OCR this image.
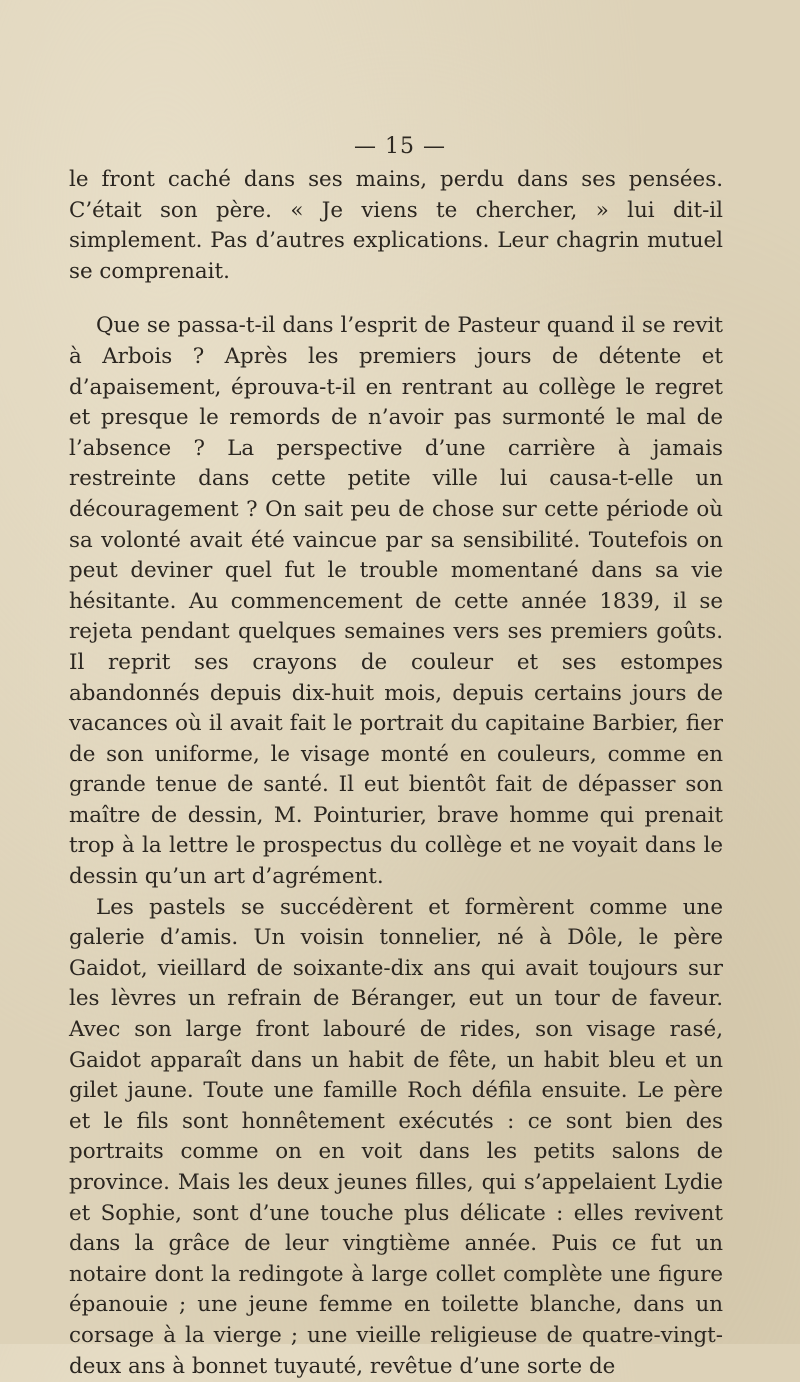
— 15 —

le front caché dans ses mains, perdu dans ses pensées. C’était son père. « Je viens te chercher, » lui dit-il simplement. Pas d’autres explications. Leur chagrin mutuel se comprenait.

Que se passa-t-il dans l’esprit de Pasteur quand il se revit à Arbois ? Après les premiers jours de détente et d’apaisement, éprouva-t-il en rentrant au collège le regret et presque le remords de n’avoir pas surmonté le mal de l’absence ? La perspective d’une carrière à jamais restreinte dans cette petite ville lui causa-t-elle un découragement ? On sait peu de chose sur cette période où sa volonté avait été vaincue par sa sensibilité. Toutefois on peut deviner quel fut le trouble momentané dans sa vie hésitante. Au commencement de cette année 1839, il se rejeta pendant quelques semaines vers ses premiers goûts. Il reprit ses crayons de couleur et ses estompes abandonnés depuis dix-huit mois, depuis certains jours de vacances où il avait fait le portrait du capitaine Barbier, fier de son uniforme, le visage monté en couleurs, comme en grande tenue de santé. Il eut bientôt fait de dépasser son maître de dessin, M. Pointurier, brave homme qui prenait trop à la lettre le prospectus du collège et ne voyait dans le dessin qu’un art d’agrément.

Les pastels se succédèrent et formèrent comme une galerie d’amis. Un voisin tonnelier, né à Dôle, le père Gaidot, vieillard de soixante-dix ans qui avait toujours sur les lèvres un refrain de Béranger, eut un tour de faveur. Avec son large front labouré de rides, son visage rasé, Gaidot apparaît dans un habit de fête, un habit bleu et un gilet jaune. Toute une famille Roch défila ensuite. Le père et le fils sont honnêtement exécutés : ce sont bien des portraits comme on en voit dans les petits salons de province. Mais les deux jeunes filles, qui s’appelaient Lydie et Sophie, sont d’une touche plus délicate : elles revivent dans la grâce de leur vingtième année. Puis ce fut un notaire dont la redingote à large collet complète une figure épanouie ; une jeune femme en toilette blanche, dans un corsage à la vierge ; une vieille religieuse de quatre-vingt-deux ans à bonnet tuyauté, revêtue d’une sorte de
